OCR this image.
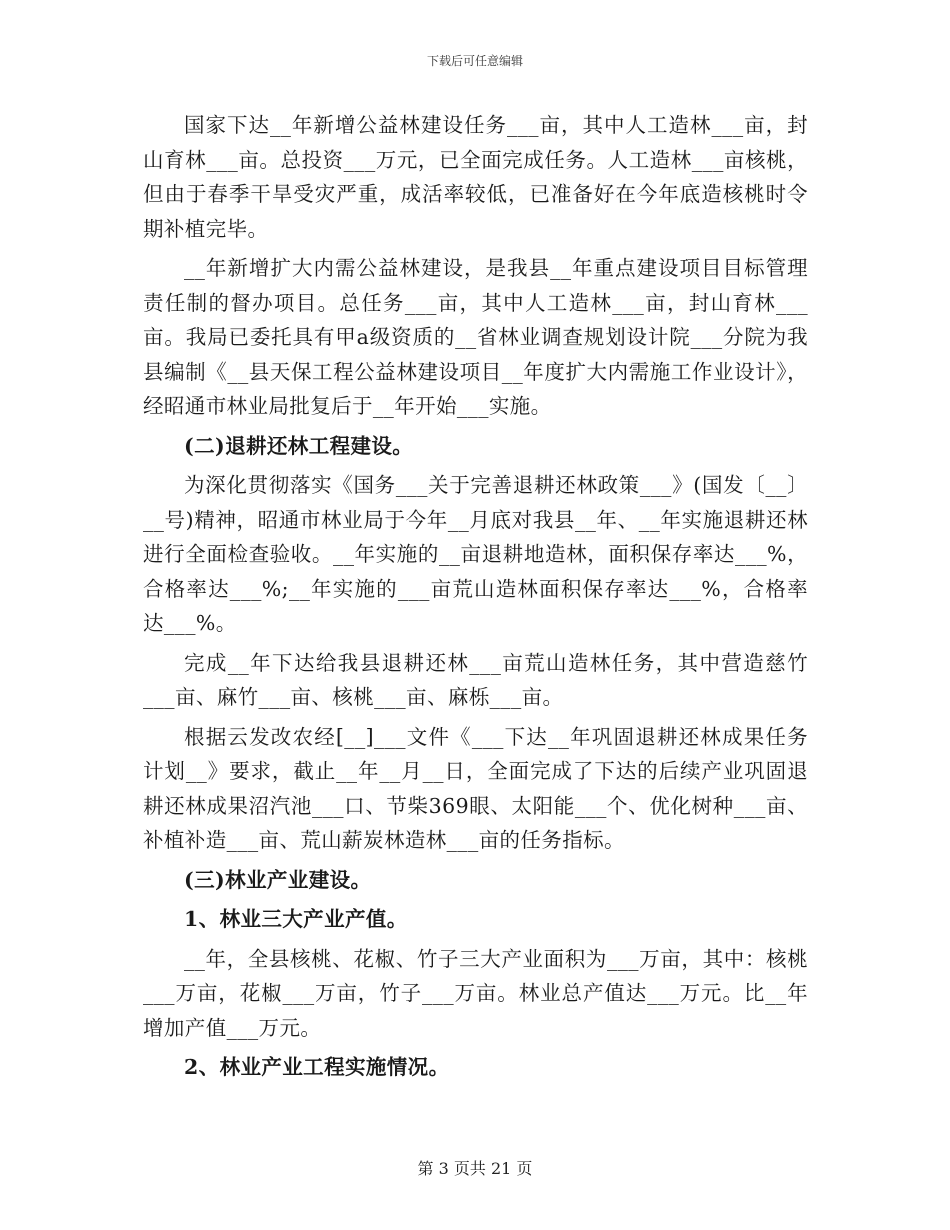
下载后可任意编辑

国家下达__年新增公益林建设任务___亩，其中人工造林___亩，封山育林___亩。总投资___万元，已全面完成任务。人工造林___亩核桃，但由于春季干旱受灾严重，成活率较低，已准备好在今年底造核桃时令期补植完毕。

__年新增扩大内需公益林建设，是我县__年重点建设项目目标管理责任制的督办项目。总任务___亩，其中人工造林___亩，封山育林___亩。我局已委托具有甲a级资质的__省林业调查规划设计院___分院为我县编制《__县天保工程公益林建设项目__年度扩大内需施工作业设计》，经昭通市林业局批复后于__年开始___实施。

(二)退耕还林工程建设。

为深化贯彻落实《国务___关于完善退耕还林政策___》(国发〔__〕__号)精神，昭通市林业局于今年__月底对我县__年、__年实施退耕还林进行全面检查验收。__年实施的__亩退耕地造林，面积保存率达___%，合格率达___%;__年实施的___亩荒山造林面积保存率达___%，合格率达___%。

完成__年下达给我县退耕还林___亩荒山造林任务，其中营造慈竹___亩、麻竹___亩、核桃___亩、麻栎___亩。

根据云发改农经[__]___文件《___下达__年巩固退耕还林成果任务计划__》要求，截止__年__月__日，全面完成了下达的后续产业巩固退耕还林成果沼汽池___口、节柴369眼、太阳能___个、优化树种___亩、补植补造___亩、荒山薪炭林造林___亩的任务指标。

(三)林业产业建设。

1、林业三大产业产值。

__年，全县核桃、花椒、竹子三大产业面积为___万亩，其中：核桃___万亩，花椒___万亩，竹子___万亩。林业总产值达___万元。比__年增加产值___万元。

2、林业产业工程实施情况。

第 3 页共 21 页
